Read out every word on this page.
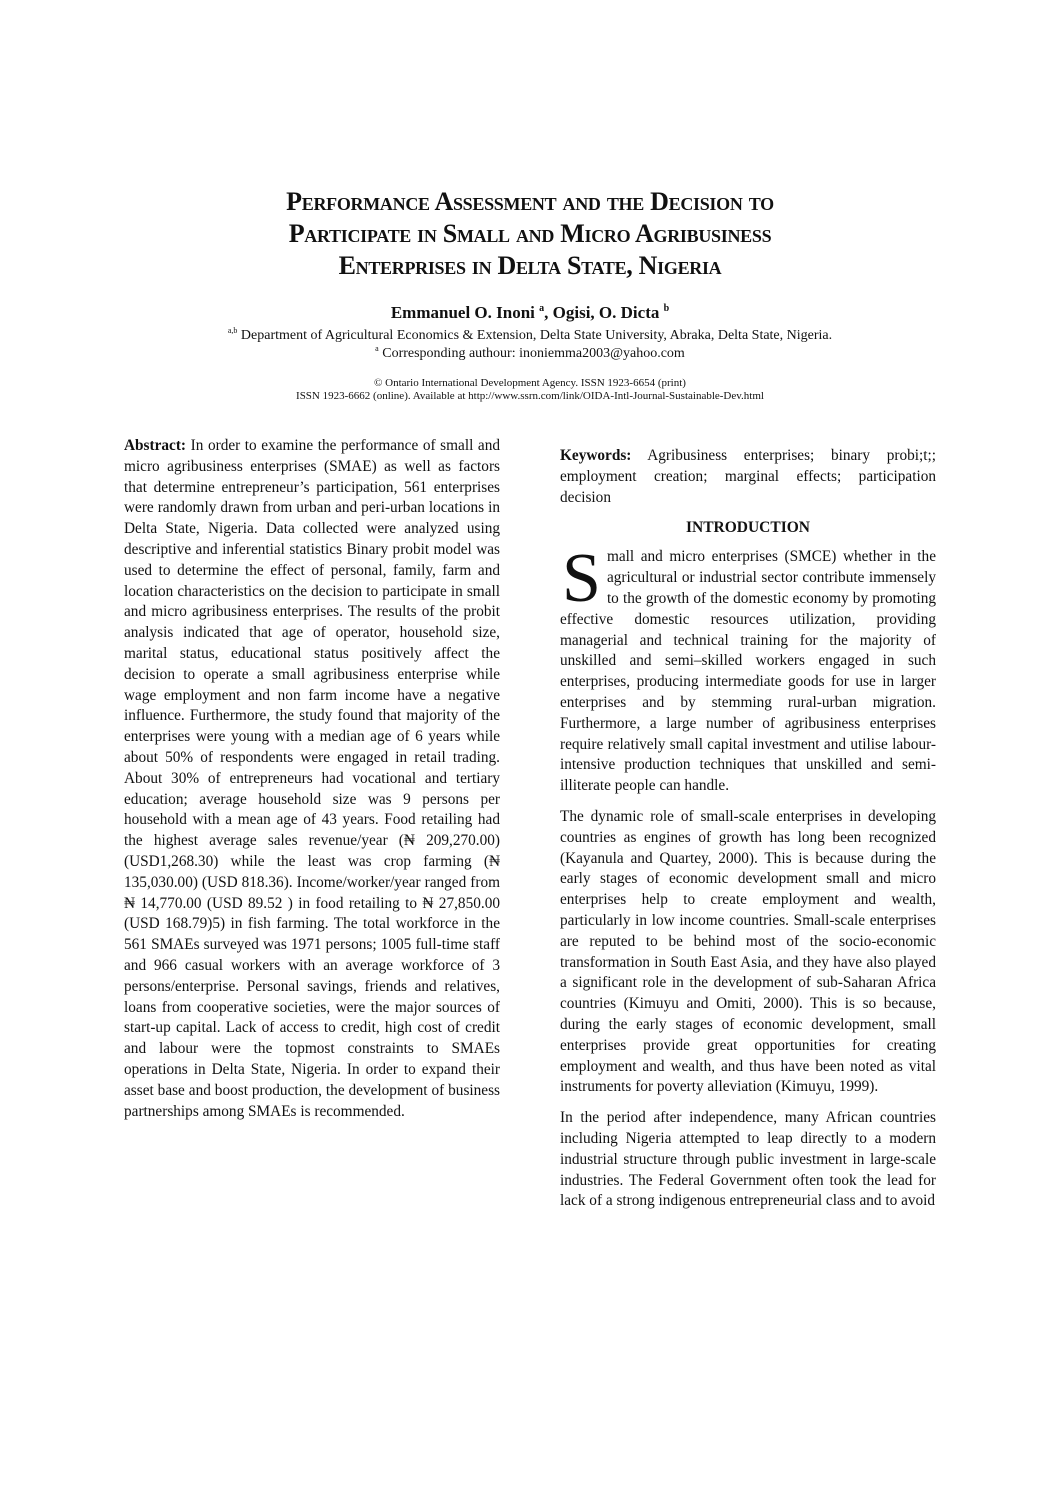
Performance Assessment and the Decision to
Participate in Small and Micro Agribusiness
Enterprises in Delta State, Nigeria
Emmanuel O. Inoni $^a$, Ogisi, O. Dicta $^b$
$^{a,b}$ Department of Agricultural Economics & Extension, Delta State University, Abraka, Delta State, Nigeria.
$^a$ Corresponding authour: inoniemma2003@yahoo.com
© Ontario International Development Agency. ISSN 1923-6654 (print)
ISSN 1923-6662 (online). Available at http://www.ssrn.com/link/OIDA-Intl-Journal-Sustainable-Dev.html

Abstract: In order to examine the performance of small and micro agribusiness enterprises (SMAE) as well as factors that determine entrepreneur’s participation, 561 enterprises were randomly drawn from urban and peri-urban locations in Delta State, Nigeria. Data collected were analyzed using descriptive and inferential statistics Binary probit model was used to determine the effect of personal, family, farm and location characteristics on the decision to participate in small and micro agribusiness enterprises. The results of the probit analysis indicated that age of operator, household size, marital status, educational status positively affect the decision to operate a small agribusiness enterprise while wage employment and non farm income have a negative influence. Furthermore, the study found that majority of the enterprises were young with a median age of 6 years while about 50% of respondents were engaged in retail trading. About 30% of entrepreneurs had vocational and tertiary education; average household size was 9 persons per household with a mean age of 43 years. Food retailing had the highest average sales revenue/year (₦ 209,270.00) (USD1,268.30) while the least was crop farming (₦ 135,030.00) (USD 818.36). Income/worker/year ranged from ₦ 14,770.00 (USD 89.52 ) in food retailing to ₦ 27,850.00 (USD 168.79)5) in fish farming. The total workforce in the 561 SMAEs surveyed was 1971 persons; 1005 full-time staff and 966 casual workers with an average workforce of 3 persons/enterprise. Personal savings, friends and relatives, loans from cooperative societies, were the major sources of start-up capital. Lack of access to credit, high cost of credit and labour were the topmost constraints to SMAEs operations in Delta State, Nigeria. In order to expand their asset base and boost production, the development of business partnerships among SMAEs is recommended.

Keywords: Agribusiness enterprises; binary probi;t;; employment creation; marginal effects; participation decision

INTRODUCTION

Small and micro enterprises (SMCE) whether in the agricultural or industrial sector contribute immensely to the growth of the domestic economy by promoting effective domestic resources utilization, providing managerial and technical training for the majority of unskilled and semi–skilled workers engaged in such enterprises, producing intermediate goods for use in larger enterprises and by stemming rural-urban migration. Furthermore, a large number of agribusiness enterprises require relatively small capital investment and utilise labour-intensive production techniques that unskilled and semi-illiterate people can handle.

The dynamic role of small-scale enterprises in developing countries as engines of growth has long been recognized (Kayanula and Quartey, 2000). This is because during the early stages of economic development small and micro enterprises help to create employment and wealth, particularly in low income countries. Small-scale enterprises are reputed to be behind most of the socio-economic transformation in South East Asia, and they have also played a significant role in the development of sub-Saharan Africa countries (Kimuyu and Omiti, 2000). This is so because, during the early stages of economic development, small enterprises provide great opportunities for creating employment and wealth, and thus have been noted as vital instruments for poverty alleviation (Kimuyu, 1999).

In the period after independence, many African countries including Nigeria attempted to leap directly to a modern industrial structure through public investment in large-scale industries. The Federal Government often took the lead for lack of a strong indigenous entrepreneurial class and to avoid
